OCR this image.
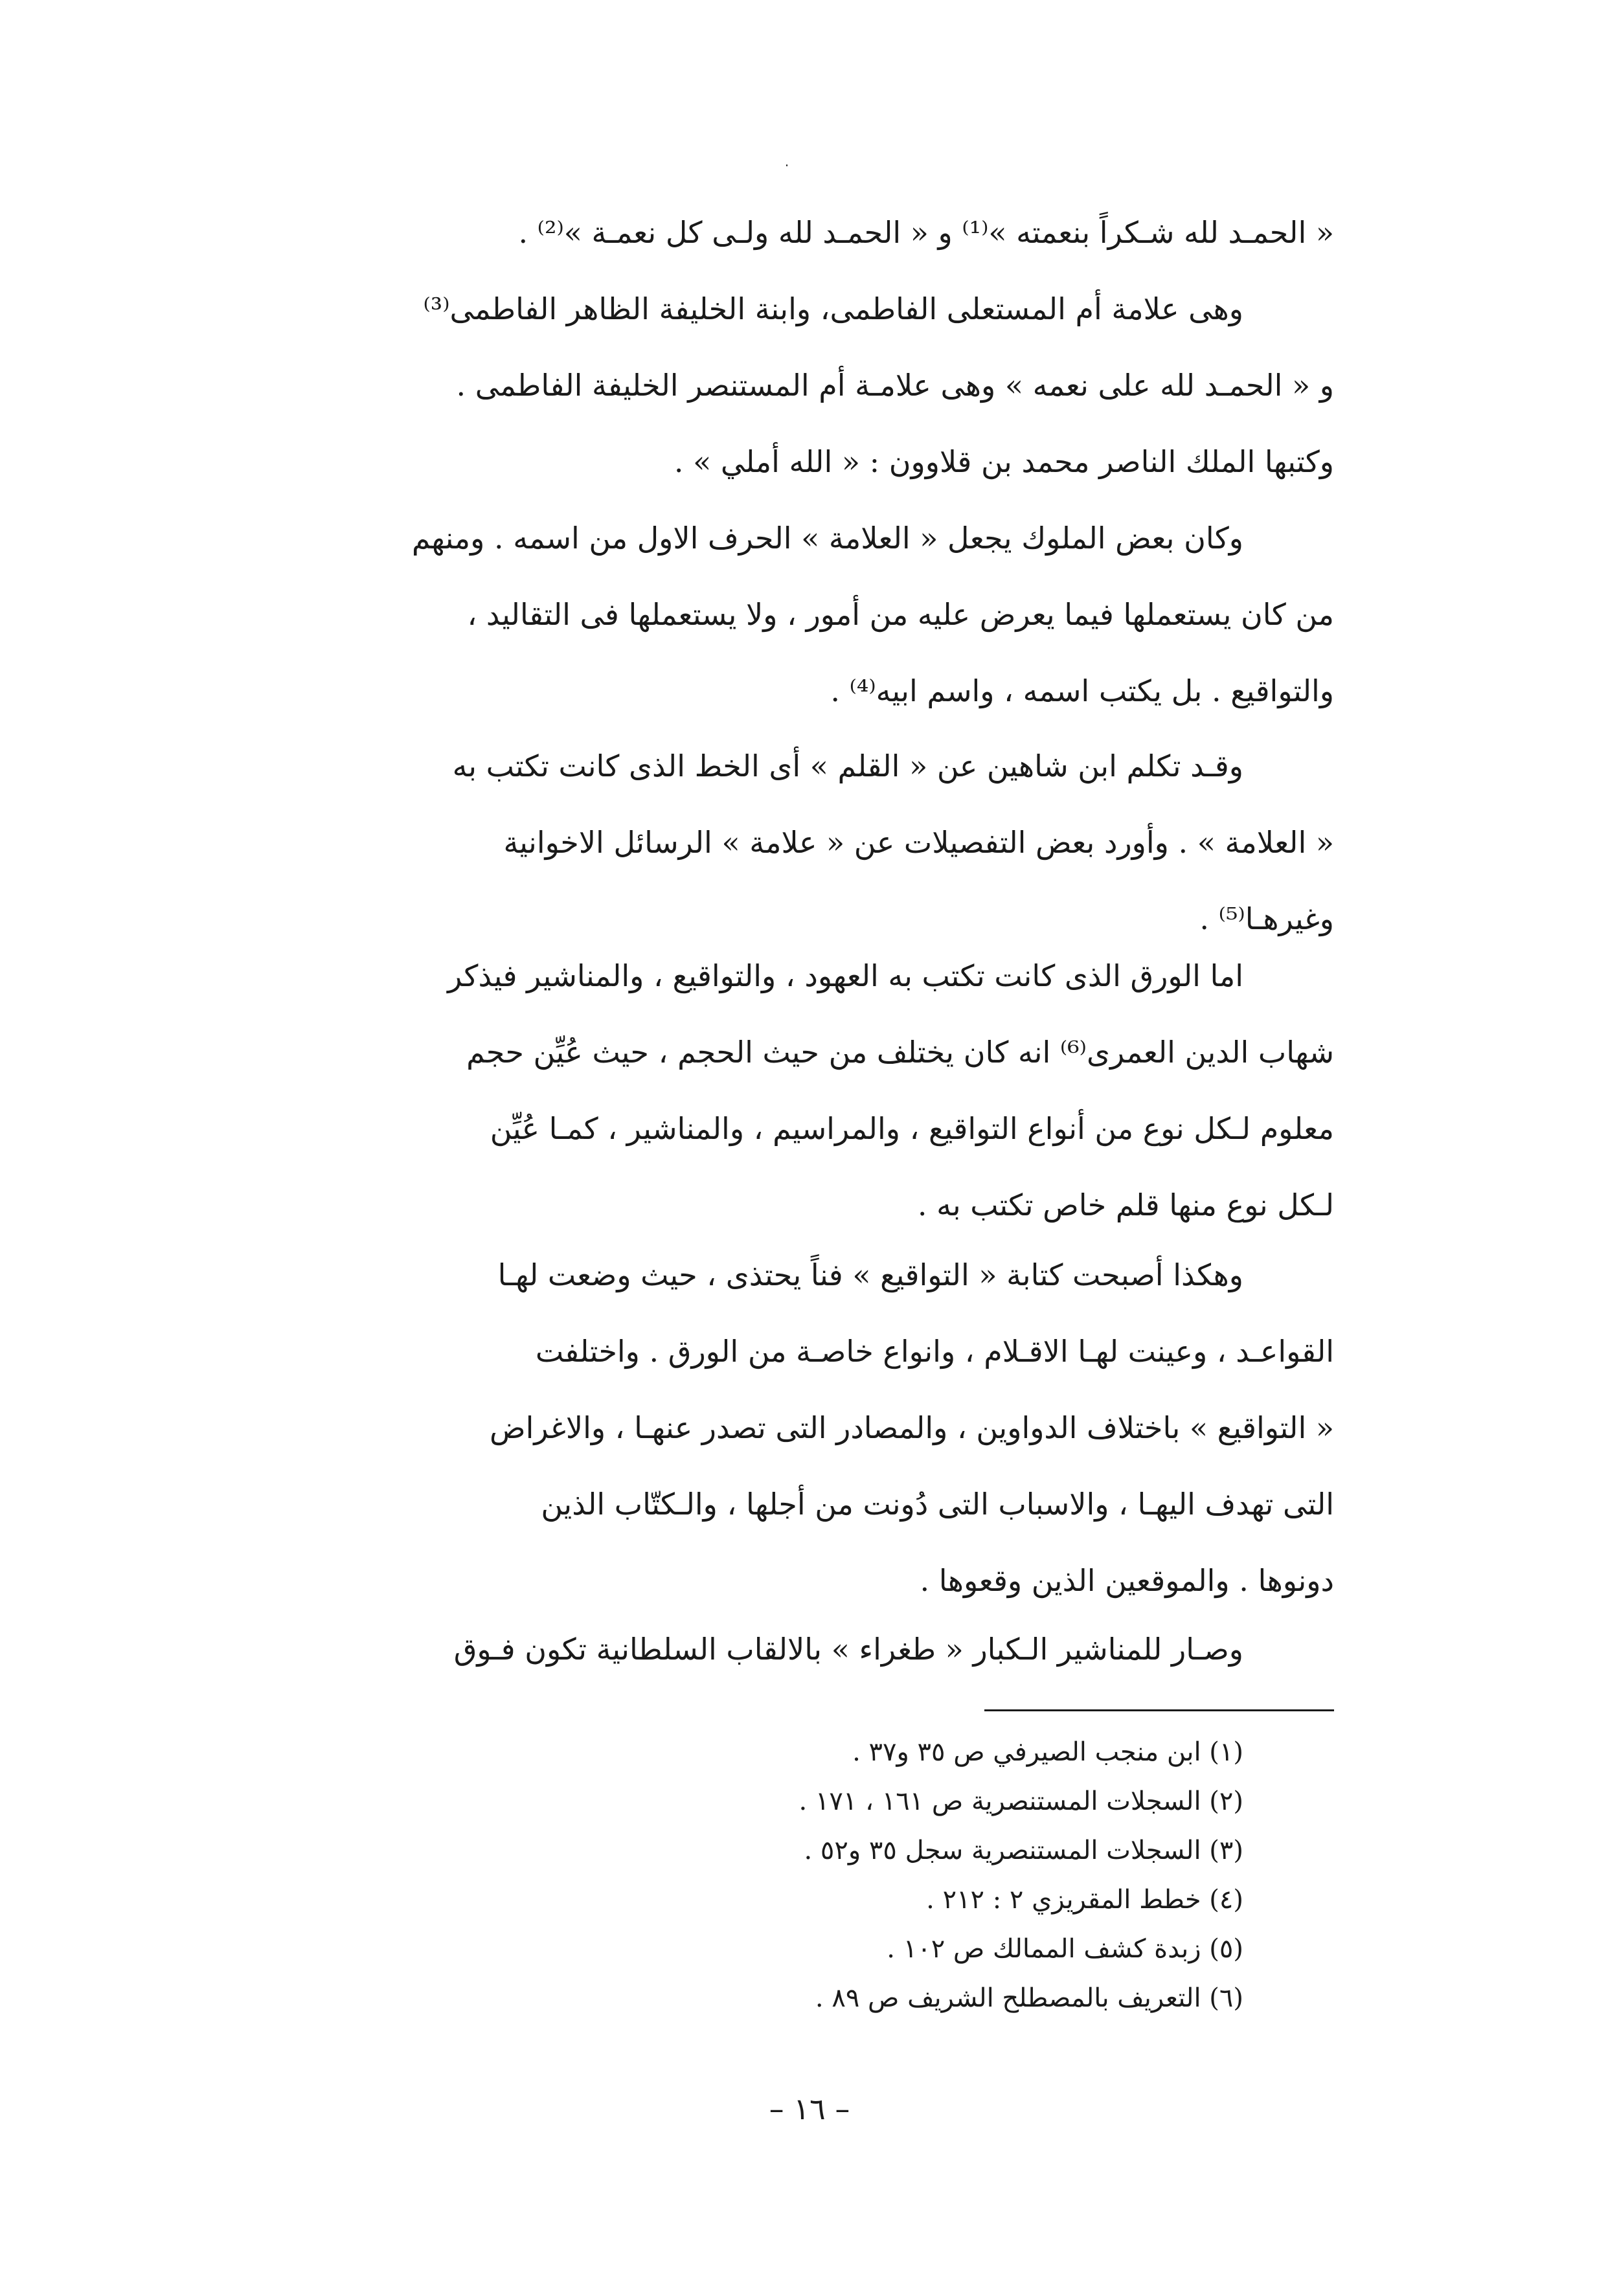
٠
« الحمـد لله شـكراً بنعمته »⁽¹⁾ و « الحمـد لله ولـى كل نعمـة »⁽²⁾ .
وهى علامة أم المستعلى الفاطمى، وابنة الخليفة الظاهر الفاطمى⁽³⁾
و « الحمـد لله على نعمه » وهى علامـة أم المستنصر الخليفة الفاطمى .
وكتبها الملك الناصر محمد بن قلاوون : « الله أملي » .
وكان بعض الملوك يجعل « العلامة » الحرف الاول من اسمه . ومنهم
من كان يستعملها فيما يعرض عليه من أمور ، ولا يستعملها فى التقاليد ،
والتواقيع . بل يكتب اسمه ، واسم ابيه⁽⁴⁾ .
وقـد تكلم ابن شاهين عن « القلم » أى الخط الذى كانت تكتب به
« العلامة » . وأورد بعض التفصيلات عن « علامة » الرسائل الاخوانية
وغيرهـا⁽⁵⁾ .
اما الورق الذى كانت تكتب به العهود ، والتواقيع ، والمناشير فيذكر
شهاب الدين العمرى⁽⁶⁾ انه كان يختلف من حيث الحجم ، حيث عُيِّن حجم
معلوم لـكل نوع من أنواع التواقيع ، والمراسيم ، والمناشير ، كمـا عُيِّن
لـكل نوع منها قلم خاص تكتب به .
وهكذا أصبحت كتابة « التواقيع » فناً يحتذى ، حيث وضعت لهـا
القواعـد ، وعينت لهـا الاقـلام ، وانواع خاصـة من الورق . واختلفت
« التواقيع » باختلاف الدواوين ، والمصادر التى تصدر عنهـا ، والاغراض
التى تهدف اليهـا ، والاسباب التى دُونت من أجلها ، والـكتّاب الذين
دونوها . والموقعين الذين وقعوها .
وصـار للمناشير الـكبار « طغراء » بالالقاب السلطانية تكون فـوق
(١) ابن منجب الصيرفي ص ٣٥ و٣٧ .
(٢) السجلات المستنصرية ص ١٦١ ، ١٧١ .
(٣) السجلات المستنصرية سجل ٣٥ و٥٢ .
(٤) خطط المقريزي ٢ : ٢١٢ .
(٥) زبدة كشف الممالك ص ١٠٢ .
(٦) التعريف بالمصطلح الشريف ص ٨٩ .
– ١٦ –
